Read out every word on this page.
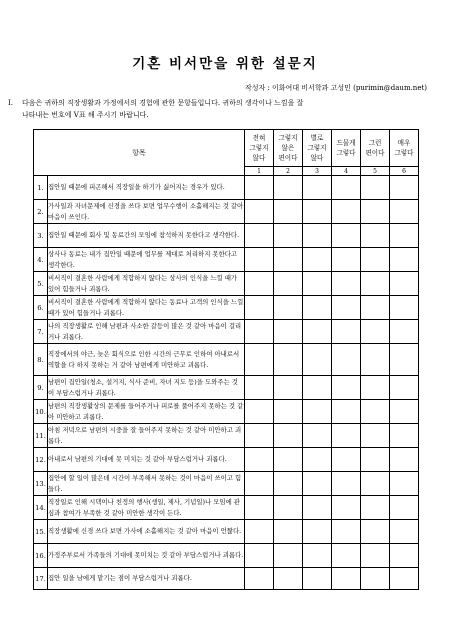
기혼 비서만을 위한 설문지
작성자 : 이화여대 비서학과 고성민 (purimin@daum.net)
I. 다음은 귀하의 직장생활과 가정에서의 경험에 관한 문항들입니다. 귀하의 생각이나 느낌을 잘
나타내는 번호에 V표 해 주시기 바랍니다.
항목		전혀
그렇지
않다	그렇지
않은
편이다	별로
그렇지
않다	드물게
그렇다	그런
편이다	매우
그렇다

		1	2	3	4	5	6
1.	집안일 때문에 피곤해서 직장일을 하기가 싫어지는 경우가 있다.						
2.	가사일과 자녀문제에 신경을 쓰다 보면 업무수행이 소홀해지는 것 같아 마음이 쓰인다.						
3.	집안일 때문에 회사 및 동료간의 모임에 참석하지 못한다고 생각한다.						
4.	상사나 동료는 내가 집안일 때문에 업무를 제대로 처리하지 못한다고 생각한다.						
5.	비서직이 결혼한 사람에게 적합하지 않다는 상사의 인식을 느낄 때가 있어 힘들거나 괴롭다.						
6.	비서직이 결혼한 사람에게 적합하지 않다는 동료나 고객의 인식을 느낄 때가 있어 힘들거나 괴롭다.						
7.	나의 직장생활로 인해 남편과 사소한 갈등이 많은 것 같아 마음이 걸리거나 괴롭다.						
8.	직장에서의 야근, 늦은 회식으로 인한 시간의 근무로 인하여 아내로서 역할을 다 하지 못하는 거 같아 남편에게 미안하고 괴롭다.						
9.	남편이 집안일(청소, 설거지, 식사 준비, 자녀 지도 등)을 도와주는 것이 부담스럽거나 괴롭다.						
10.	남편의 직장생활상의 문제를 들어주거나 피로를 풀어주지 못하는 것 같아 미안하고 괴롭다.						
11.	아침 저녁으로 남편의 시중을 잘 들어주지 못하는 것 같아 미안하고 괴롭다.						
12.	아내로서 남편의 기대에 못 미치는 것 같아 부담스럽거나 괴롭다.						
13.	집안에 할 일이 많은데 시간이 부족해서 못하는 것이 마음이 쓰이고 힘들다.						
14.	직장일로 인해 시댁이나 친정의 행사(생일, 제사, 기념일)나 모임에 관심과 참여가 부족한 것 같아 미안한 생각이 든다.						
15.	직장생활에 신경 쓰다 보면 가사에 소홀해지는 것 같아 마음이 언짢다.						
16.	가정주부로서 가족들의 기대에 못미치는 것 같아 부담스럽거나 괴롭다.						
17.	집안 일을 남에게 맡기는 점이 부담스럽거나 괴롭다.						
